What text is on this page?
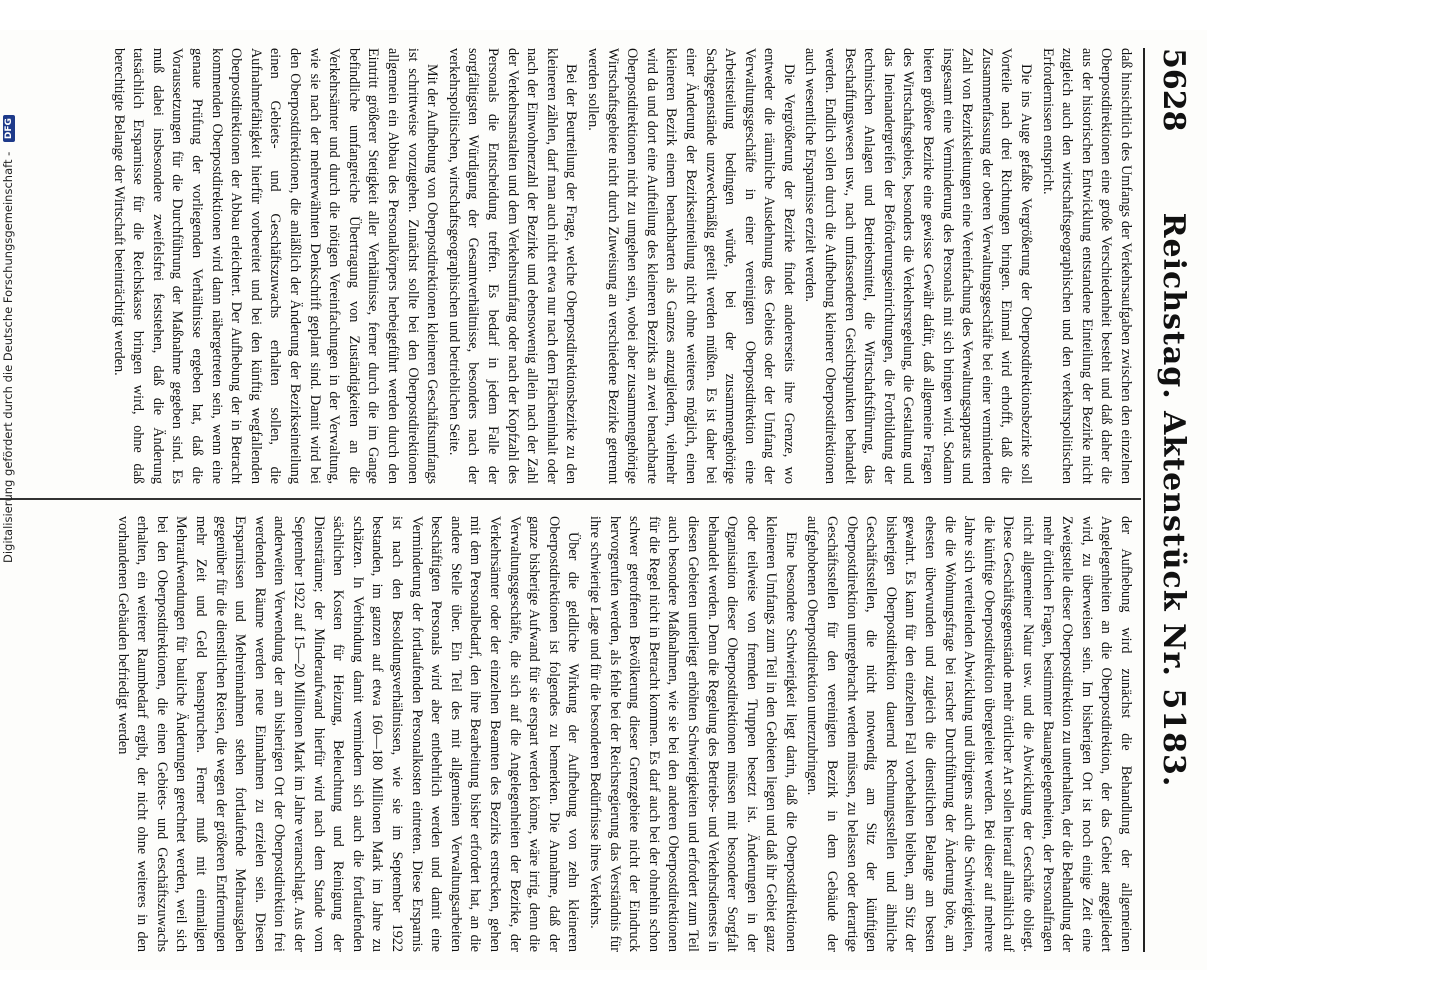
5628
Reichstag. Aktenstück Nr. 5183.

daß hinsichtlich des Umfangs der Verkehrsaufgaben zwischen den einzelnen Oberpostdirektionen eine große Verschiedenheit besteht und daß daher die aus der historischen Entwicklung entstandene Einteilung der Bezirke nicht zugleich auch den wirtschaftsgeographischen und den verkehrspolitischen Erfordernissen entspricht.

Die ins Auge gefaßte Vergrößerung der Oberpostdirektionsbezirke soll Vorteile nach drei Richtungen bringen. Einmal wird erhofft, daß die Zusammenfassung der oberen Verwaltungsgeschäfte bei einer verminderten Zahl von Bezirksleitungen eine Vereinfachung des Verwaltungsapparats und insgesamt eine Verminderung des Personals mit sich bringen wird. Sodann bieten größere Bezirke eine gewisse Gewähr dafür, daß allgemeine Fragen des Wirtschaftsgebiets, besonders die Verkehrsregelung, die Gestaltung und das Ineinandergreifen der Beförderungseinrichtungen, die Fortbildung der technischen Anlagen und Betriebsmittel, die Wirtschaftsführung, das Beschaffungswesen usw., nach umfassenderen Gesichtspunkten behandelt werden. Endlich sollen durch die Aufhebung kleinerer Oberpostdirektionen auch wesentliche Ersparnisse erzielt werden.

Die Vergrößerung der Bezirke findet andererseits ihre Grenze, wo entweder die räumliche Ausdehnung des Gebiets oder der Umfang der Verwaltungsgeschäfte in einer vereinigten Oberpostdirektion eine Arbeitsteilung bedingen würde, bei der zusammengehörige Sachgegenstände unzweckmäßig geteilt werden müßten. Es ist daher bei einer Änderung der Bezirkseinteilung nicht ohne weiteres möglich, einen kleineren Bezirk einem benachbarten als Ganzes anzugliedern, vielmehr wird da und dort eine Aufteilung des kleineren Bezirks an zwei benachbarte Oberpostdirektionen nicht zu umgehen sein, wobei aber zusammengehörige Wirtschaftsgebiete nicht durch Zuweisung an verschiedene Bezirke getrennt werden sollen.

Bei der Beurteilung der Frage, welche Oberpostdirektionsbezirke zu den kleineren zählen, darf man auch nicht etwa nur nach dem Flächeninhalt oder nach der Einwohnerzahl der Bezirke und ebensowenig allein nach der Zahl der Verkehrsanstalten und dem Verkehrsumfang oder nach der Kopfzahl des Personals die Entscheidung treffen. Es bedarf in jedem Falle der sorgfältigsten Würdigung der Gesamtverhältnisse, besonders nach der verkehrspolitischen, wirtschaftsgeographischen und betrieblichen Seite.

Mit der Aufhebung von Oberpostdirektionen kleineren Geschäftsumfangs ist schrittweise vorzugehen. Zunächst sollte bei den Oberpostdirektionen allgemein ein Abbau des Personalkörpers herbeigeführt werden durch den Eintritt größerer Stetigkeit aller Verhältnisse, ferner durch die im Gange befindliche umfangreiche Übertragung von Zuständigkeiten an die Verkehrsämter und durch die nötigen Vereinfachungen in der Verwaltung, wie sie nach der mehrerwähnten Denkschrift geplant sind. Damit wird bei den Oberpostdirektionen, die anläßlich der Änderung der Bezirkseinteilung einen Gebiets- und Geschäftszuwachs erhalten sollen, die Aufnahmefähigkeit hierfür vorbereitet und bei den künftig wegfallenden Oberpostdirektionen der Abbau erleichtert. Der Aufhebung der in Betracht kommenden Oberpostdirektionen wird dann nähergetreten sein, wenn eine genaue Prüfung der vorliegenden Verhältnisse ergeben hat, daß die Voraussetzungen für die Durchführung der Maßnahme gegeben sind. Es muß dabei insbesondere zweifelsfrei feststehen, daß die Änderung tatsächlich Ersparnisse für die Reichskasse bringen wird, ohne daß berechtigte Belange der Wirtschaft beeinträchtigt werden.

der Aufhebung wird zunächst die Behandlung der allgemeinen Angelegenheiten an die Oberpostdirektion, der das Gebiet angegliedert wird, zu überweisen sein. Im bisherigen Ort ist noch einige Zeit eine Zweigstelle dieser Oberpostdirektion zu unterhalten, der die Behandlung der mehr örtlichen Fragen, bestimmter Bauangelegenheiten, der Personalfragen nicht allgemeiner Natur usw. und die Abwicklung der Geschäfte obliegt. Diese Geschäftsgegenstände mehr örtlicher Art sollen hierauf allmählich auf die künftige Oberpostdirektion übergeleitet werden. Bei dieser auf mehrere Jahre sich verteilenden Abwicklung und übrigens auch die Schwierigkeiten, die die Wohnungsfrage bei rascher Durchführung der Änderung böte, am ehesten überwunden und zugleich die dienstlichen Belange am besten gewahrt. Es kann für den einzelnen Fall vorbehalten bleiben, am Sitz der bisherigen Oberpostdirektion dauernd Rechnungsstellen und ähnliche Geschäftsstellen, die nicht notwendig am Sitz der künftigen Oberpostdirektion untergebracht werden müssen, zu belassen oder derartige Geschäftsstellen für den vereinigten Bezirk in dem Gebäude der aufgehobenen Oberpostdirektion unterzubringen.

Eine besondere Schwierigkeit liegt darin, daß die Oberpostdirektionen kleineren Umfangs zum Teil in den Gebieten liegen und daß ihr Gebiet ganz oder teilweise von fremden Truppen besetzt ist. Änderungen in der Organisation dieser Oberpostdirektionen müssen mit besonderer Sorgfalt behandelt werden. Denn die Regelung des Betriebs- und Verkehrsdienstes in diesen Gebieten unterliegt erhöhten Schwierigkeiten und erfordert zum Teil auch besondere Maßnahmen, wie sie bei den anderen Oberpostdirektionen für die Regel nicht in Betracht kommen. Es darf auch bei der ohnehin schon schwer getroffenen Bevölkerung dieser Grenzgebiete nicht der Eindruck hervorgerufen werden, als fehle bei der Reichsregierung das Verständnis für ihre schwierige Lage und für die besonderen Bedürfnisse ihres Verkehrs.

Über die geldliche Wirkung der Aufhebung von zehn kleineren Oberpostdirektionen ist folgendes zu bemerken. Die Annahme, daß der ganze bisherige Aufwand für sie erspart werden könne, wäre irrig, denn die Verwaltungsgeschäfte, die sich auf die Angelegenheiten der Bezirke, der Verkehrsämter oder der einzelnen Beamten des Bezirks erstrecken, gehen mit dem Personalbedarf, den ihre Bearbeitung bisher erfordert hat, an die andere Stelle über. Ein Teil des mit allgemeinen Verwaltungsarbeiten beschäftigten Personals wird aber entbehrlich werden und damit eine Verminderung der fortlaufenden Personalkosten eintreten. Diese Ersparnis ist nach den Besoldungsverhältnissen, wie sie im September 1922 bestanden, im ganzen auf etwa 160—180 Millionen Mark im Jahre zu schätzen. In Verbindung damit vermindern sich auch die fortlaufenden sächlichen Kosten für Heizung, Beleuchtung und Reinigung der Diensträume; der Minderaufwand hierfür wird nach dem Stande vom September 1922 auf 15—20 Millionen Mark im Jahre veranschlagt. Aus der anderweiten Verwendung der am bisherigen Ort der Oberpostdirektion frei werdenden Räume werden neue Einnahmen zu erzielen sein. Diesen Ersparnissen und Mehreinnahmen stehen fortlaufende Mehrausgaben gegenüber für die dienstlichen Reisen, die wegen der größeren Entfernungen mehr Zeit und Geld beanspruchen. Ferner muß mit einmaligen Mehraufwendungen für bauliche Änderungen gerechnet werden, weil sich bei den Oberpostdirektionen, die einen Gebiets- und Geschäftszuwachs erhalten, ein weiterer Raumbedarf ergibt, der nicht ohne weiteres in den vorhandenen Gebäuden befriedigt werden

Digitalisierung gefördert durch die Deutsche Forschungsgemeinschaft - DFG
